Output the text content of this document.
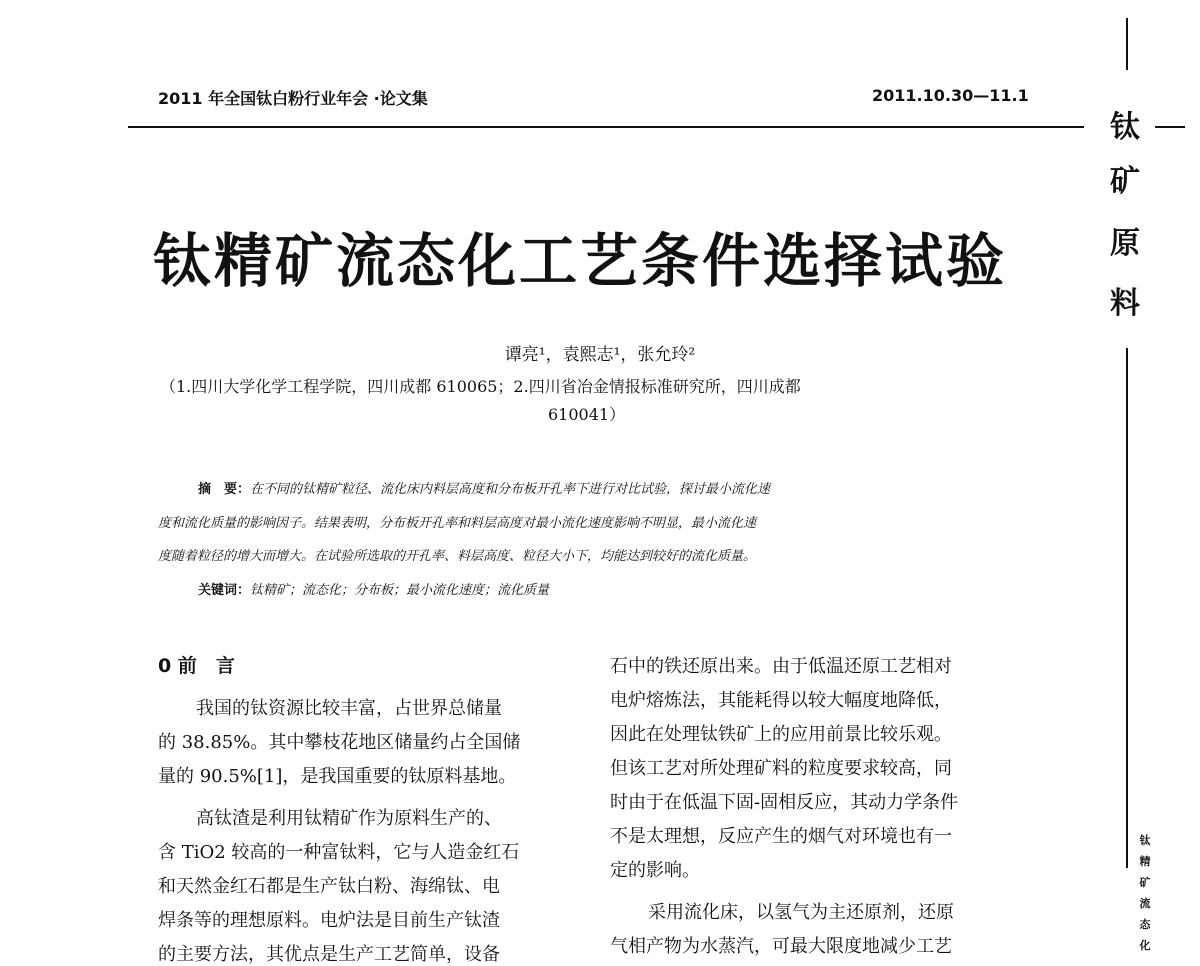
2011 年全国钛白粉行业年会 ·论文集	2011.10.30—11.1
钛
矿
原
料
钛精矿流态化
钛精矿流态化工艺条件选择试验
谭亮¹，袁熙志¹，张允玲²
（1.四川大学化学工程学院，四川成都 610065；2.四川省冶金情报标准研究所，四川成都
610041）
摘　要：在不同的钛精矿粒径、流化床内料层高度和分布板开孔率下进行对比试验，探讨最小流化速
度和流化质量的影响因子。结果表明，分布板开孔率和料层高度对最小流化速度影响不明显，最小流化速
度随着粒径的增大而增大。在试验所选取的开孔率、料层高度、粒径大小下，均能达到较好的流化质量。
关键词：钛精矿；流态化；分布板；最小流化速度；流化质量
0 前　言
我国的钛资源比较丰富，占世界总储量
的 38.85%。其中攀枝花地区储量约占全国储
量的 90.5%[1]，是我国重要的钛原料基地。
高钛渣是利用钛精矿作为原料生产的、
含 TiO2 较高的一种富钛料，它与人造金红石
和天然金红石都是生产钛白粉、海绵钛、电
焊条等的理想原料。电炉法是目前生产钛渣
的主要方法，其优点是生产工艺简单，设备
石中的铁还原出来。由于低温还原工艺相对
电炉熔炼法，其能耗得以较大幅度地降低，
因此在处理钛铁矿上的应用前景比较乐观。
但该工艺对所处理矿料的粒度要求较高，同
时由于在低温下固-固相反应，其动力学条件
不是太理想，反应产生的烟气对环境也有一
定的影响。
采用流化床，以氢气为主还原剂，还原
气相产物为水蒸汽，可最大限度地减少工艺
